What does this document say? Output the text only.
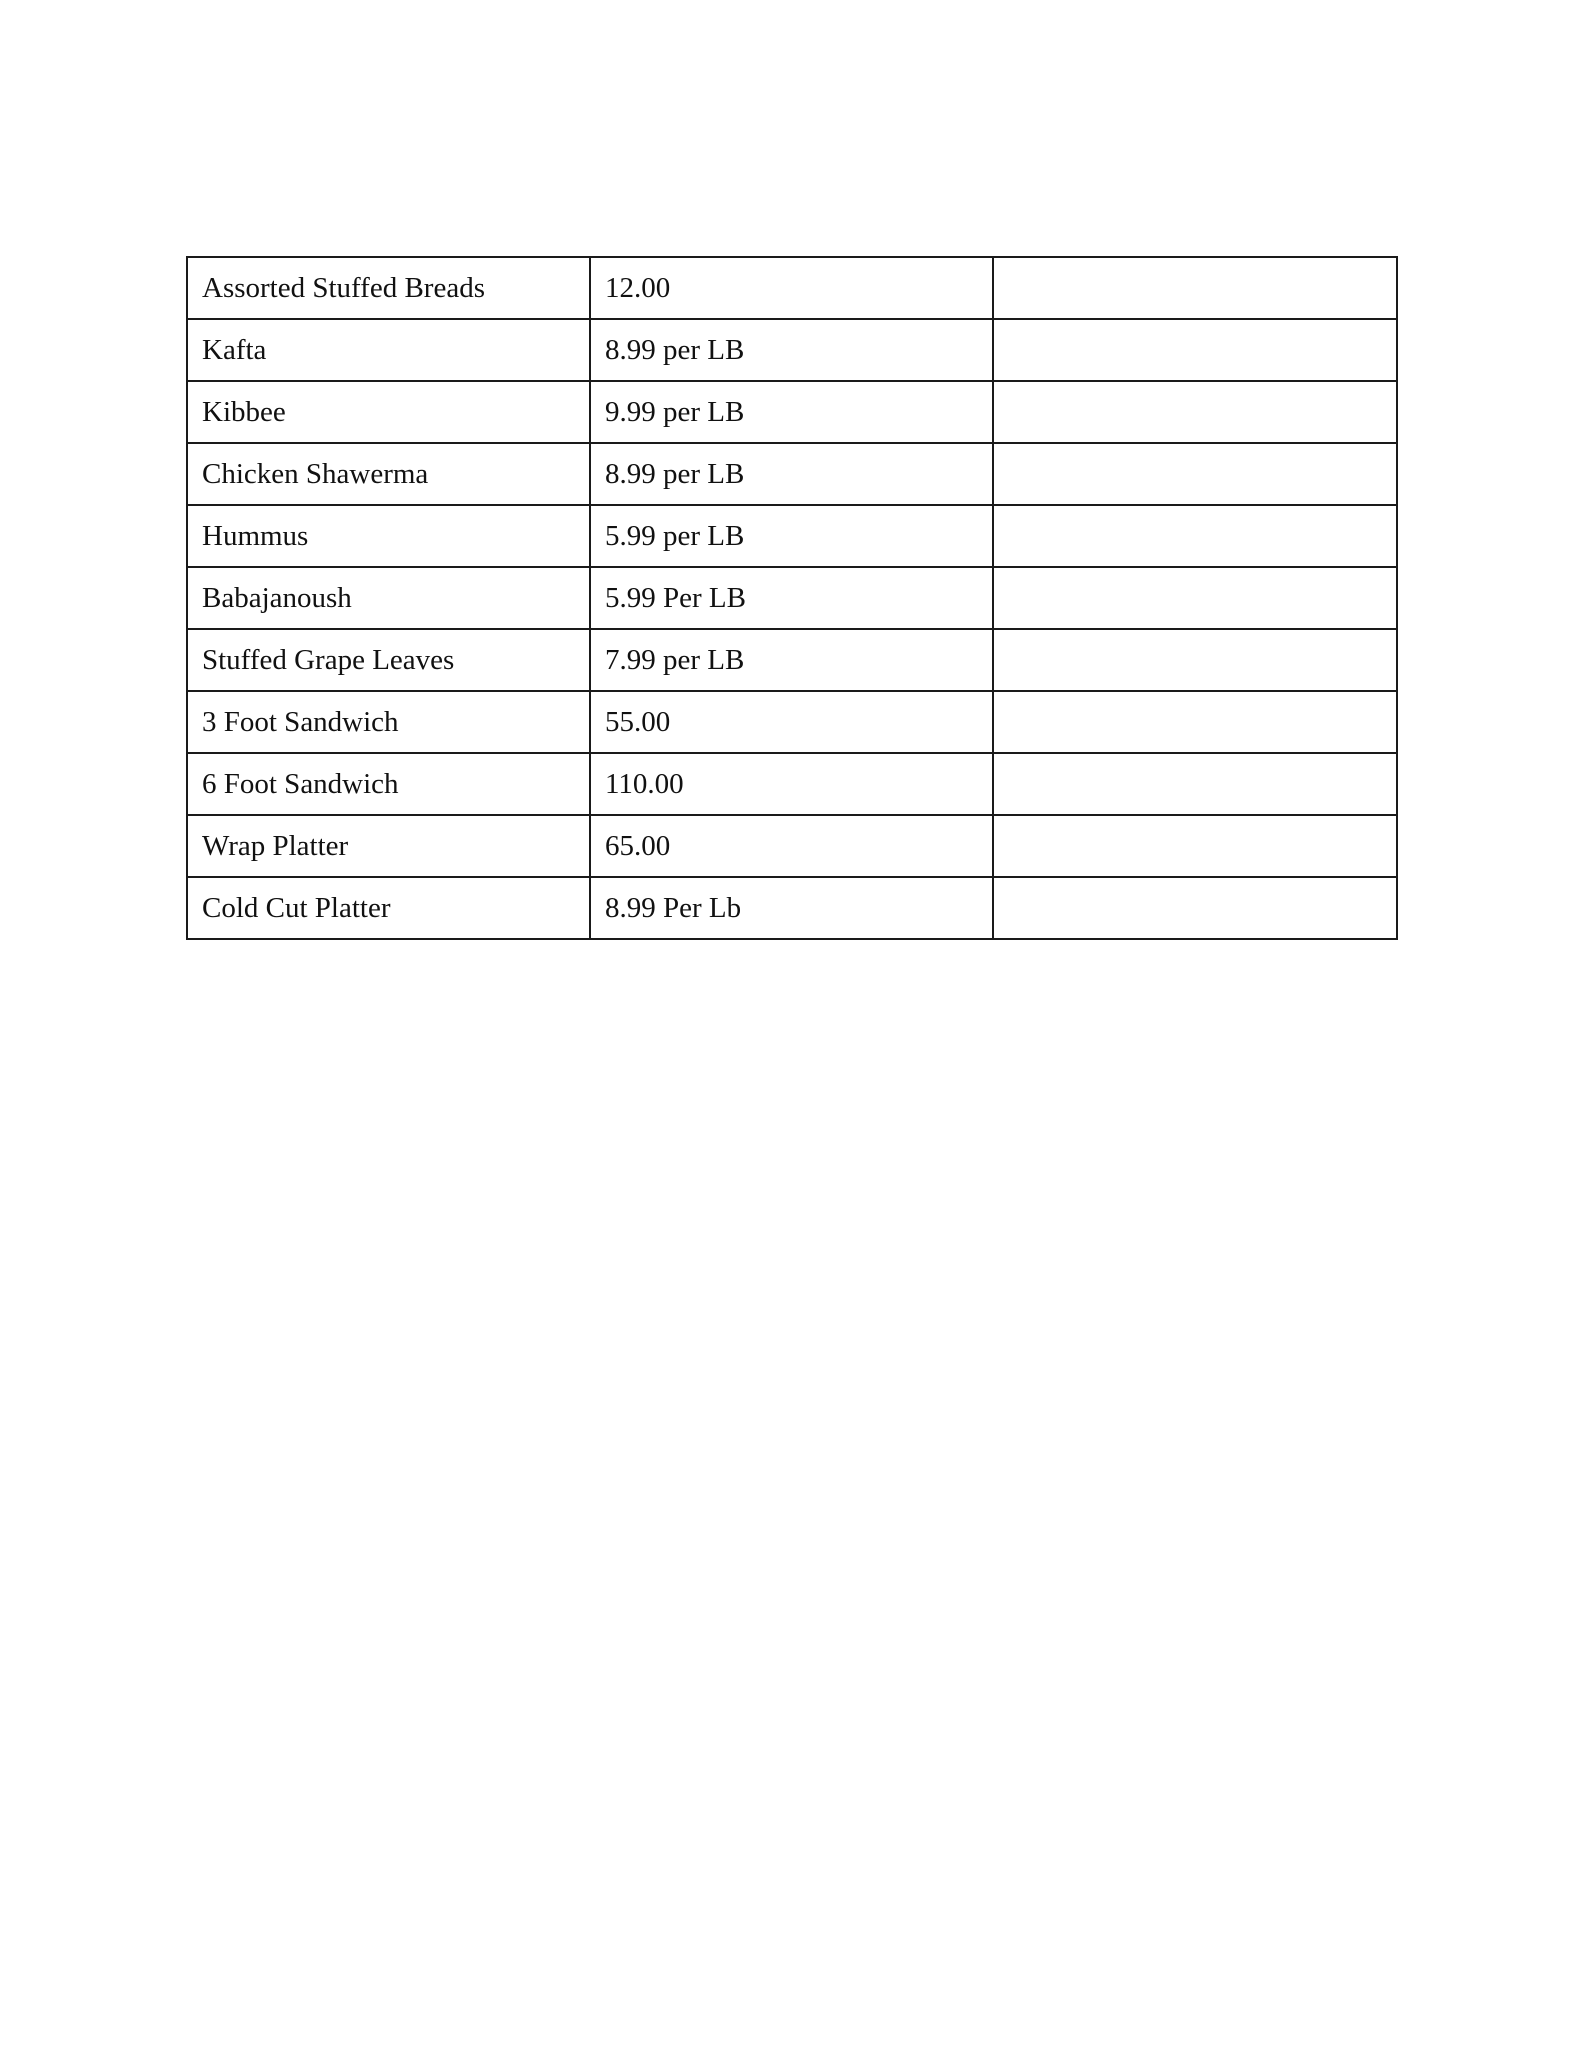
Assorted Stuffed Breads	12.00	
Kafta	8.99 per LB	
Kibbee	9.99 per LB	
Chicken Shawerma	8.99 per LB	
Hummus	5.99 per LB	
Babajanoush	5.99 Per LB	
Stuffed Grape Leaves	7.99 per LB	
3 Foot Sandwich	55.00	
6 Foot Sandwich	110.00	
Wrap Platter	65.00	
Cold Cut Platter	8.99 Per Lb	
